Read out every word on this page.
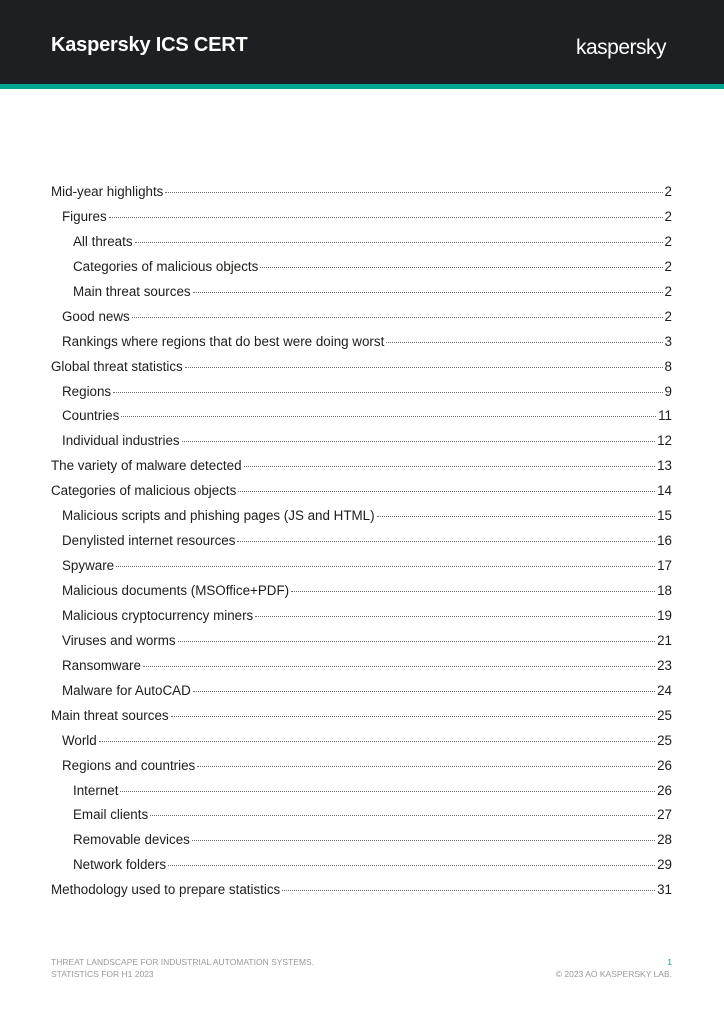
Kaspersky ICS CERT	kaspersky
Mid-year highlights	2
Figures	2
All threats	2
Categories of malicious objects	2
Main threat sources	2
Good news	2
Rankings where regions that do best were doing worst	3
Global threat statistics	8
Regions	9
Countries	11
Individual industries	12
The variety of malware detected	13
Categories of malicious objects	14
Malicious scripts and phishing pages (JS and HTML)	15
Denylisted internet resources	16
Spyware	17
Malicious documents (MSOffice+PDF)	18
Malicious cryptocurrency miners	19
Viruses and worms	21
Ransomware	23
Malware for AutoCAD	24
Main threat sources	25
World	25
Regions and countries	26
Internet	26
Email clients	27
Removable devices	28
Network folders	29
Methodology used to prepare statistics	31
THREAT LANDSCAPE FOR INDUSTRIAL AUTOMATION SYSTEMS.
STATISTICS FOR H1 2023
1
© 2023 AO KASPERSKY LAB.
